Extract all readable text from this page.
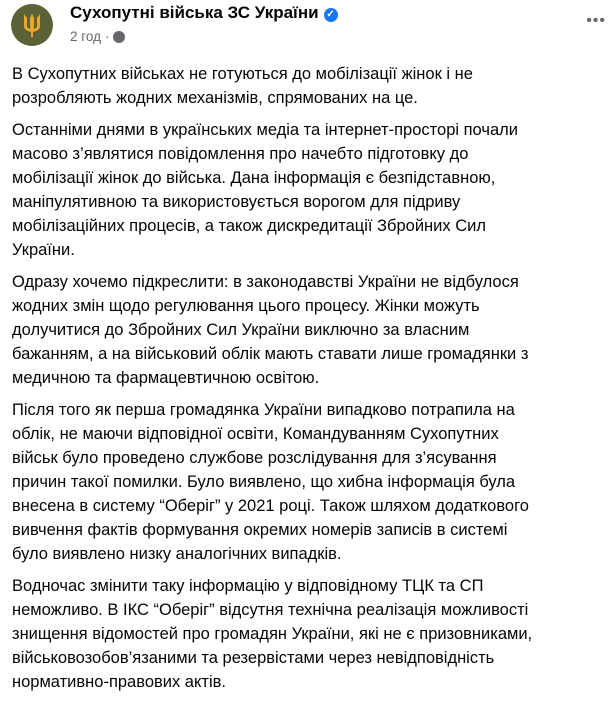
Сухопутні війська ЗС України ✓
2 год ·
•••
В Сухопутних військах не готуються до мобілізації жінок і не
розробляють жодних механізмів, спрямованих на це.
Останніми днями в українських медіа та інтернет-просторі почали
масово з’являтися повідомлення про начебто підготовку до
мобілізації жінок до війська. Дана інформація є безпідставною,
маніпулятивною та використовується ворогом для підриву
мобілізаційних процесів, а також дискредитації Збройних Сил
України.
Одразу хочемо підкреслити: в законодавстві України не відбулося
жодних змін щодо регулювання цього процесу. Жінки можуть
долучитися до Збройних Сил України виключно за власним
бажанням, а на військовий облік мають ставати лише громадянки з
медичною та фармацевтичною освітою.
Після того як перша громадянка України випадково потрапила на
облік, не маючи відповідної освіти, Командуванням Сухопутних
військ було проведено службове розслідування для з’ясування
причин такої помилки. Було виявлено, що хибна інформація була
внесена в систему “Оберіг” у 2021 році. Також шляхом додаткового
вивчення фактів формування окремих номерів записів в системі
було виявлено низку аналогічних випадків.
Водночас змінити таку інформацію у відповідному ТЦК та СП
неможливо. В ІКС “Оберіг” відсутня технічна реалізація можливості
знищення відомостей про громадян України, які не є призовниками,
військовозобов’язаними та резервістами через невідповідність
нормативно-правових актів.
